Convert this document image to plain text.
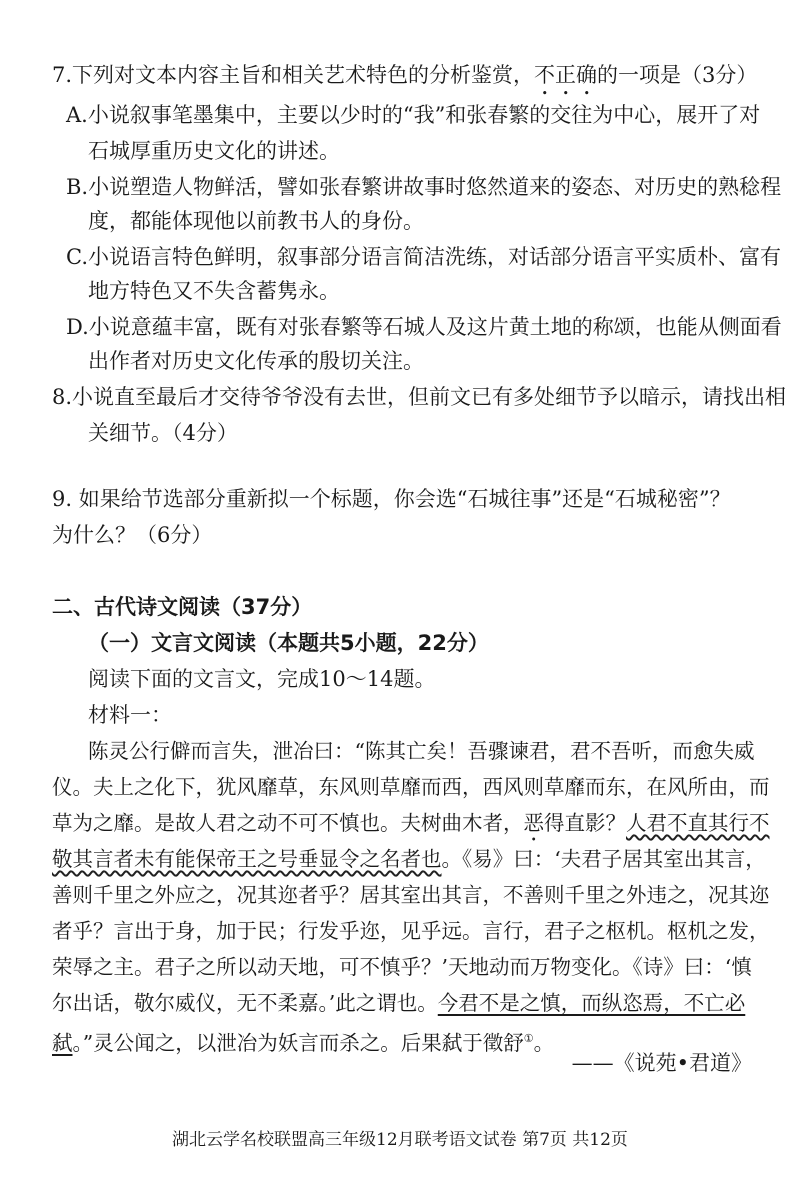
7.下列对文本内容主旨和相关艺术特色的分析鉴赏，不正确的一项是（3分）
A.小说叙事笔墨集中，主要以少时的“我”和张春繁的交往为中心，展开了对
石城厚重历史文化的讲述。
B.小说塑造人物鲜活，譬如张春繁讲故事时悠然道来的姿态、对历史的熟稔程
度，都能体现他以前教书人的身份。
C.小说语言特色鲜明，叙事部分语言简洁洗练，对话部分语言平实质朴、富有
地方特色又不失含蓄隽永。
D.小说意蕴丰富，既有对张春繁等石城人及这片黄土地的称颂，也能从侧面看
出作者对历史文化传承的殷切关注。
8.小说直至最后才交待爷爷没有去世，但前文已有多处细节予以暗示，请找出相
关细节。（4分）
9. 如果给节选部分重新拟一个标题，你会选“石城往事”还是“石城秘密”？
为什么？（6分）
二、古代诗文阅读（37分）
（一）文言文阅读（本题共5小题，22分）
阅读下面的文言文，完成10～14题。
材料一：
陈灵公行僻而言失，泄冶曰：“陈其亡矣！吾骤谏君，君不吾听，而愈失威
仪。夫上之化下，犹风靡草，东风则草靡而西，西风则草靡而东，在风所由，而
草为之靡。是故人君之动不可不慎也。夫树曲木者，恶得直影？人君不直其行不
敬其言者未有能保帝王之号垂显令之名者也。《易》曰：‘夫君子居其室出其言，
善则千里之外应之，况其迩者乎？居其室出其言，不善则千里之外违之，况其迩
者乎？言出于身，加于民；行发乎迩，见乎远。言行，君子之枢机。枢机之发，
荣辱之主。君子之所以动天地，可不慎乎？’天地动而万物变化。《诗》曰：‘慎
尔出话，敬尔威仪，无不柔嘉。’此之谓也。今君不是之慎，而纵恣焉，不亡必
弑。”灵公闻之，以泄冶为妖言而杀之。后果弑于徵舒①。
——《说苑•君道》
湖北云学名校联盟高三年级12月联考语文试卷 第7页 共12页
